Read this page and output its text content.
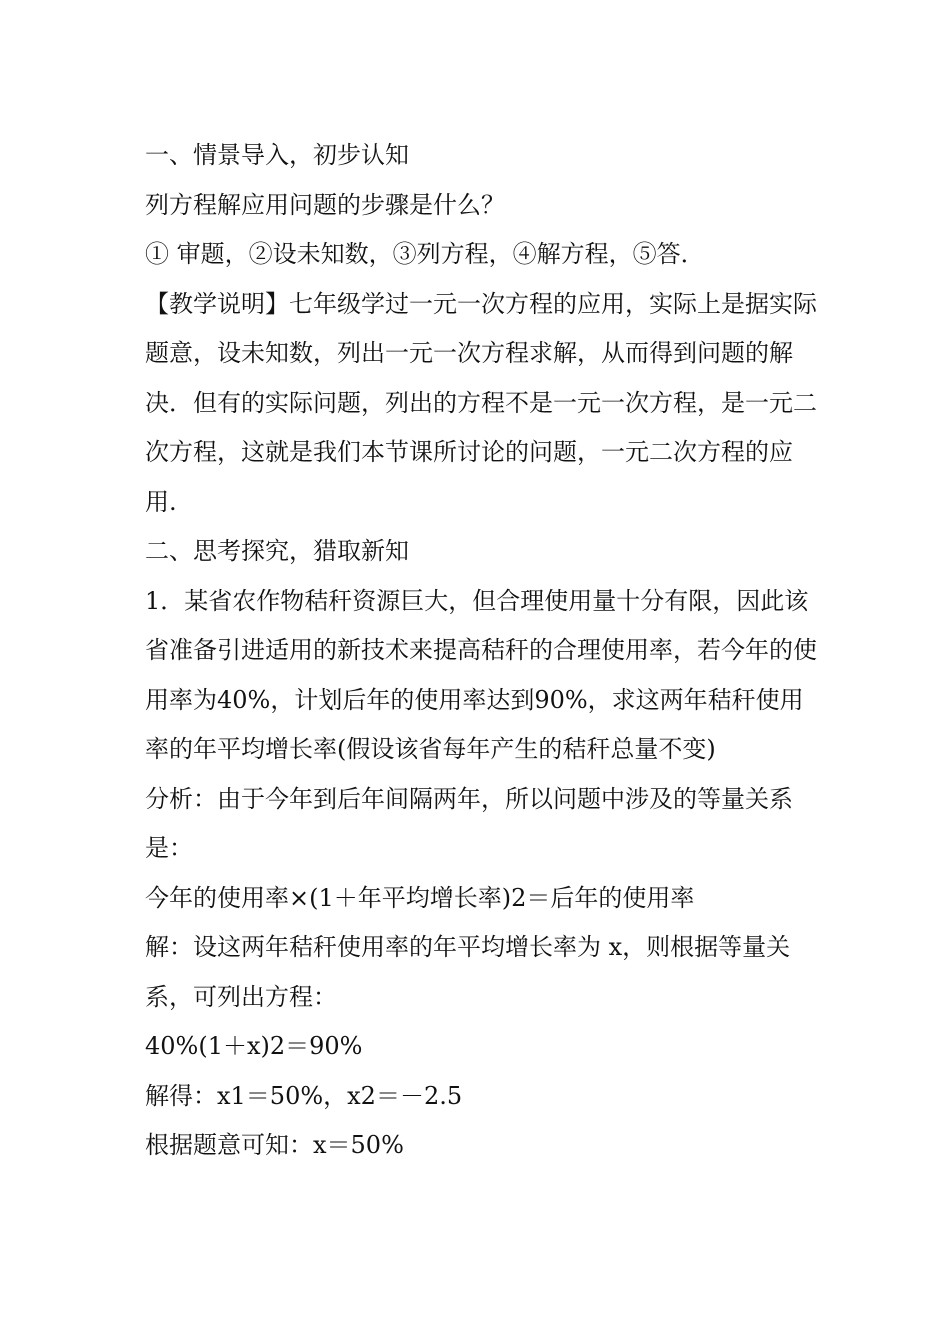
一、情景导入，初步认知

列方程解应用问题的步骤是什么？

① 审题，②设未知数，③列方程，④解方程，⑤答．

【教学说明】七年级学过一元一次方程的应用，实际上是据实际题意，设未知数，列出一元一次方程求解，从而得到问题的解决．但有的实际问题，列出的方程不是一元一次方程，是一元二次方程，这就是我们本节课所讨论的问题，一元二次方程的应用.

二、思考探究，猎取新知

1．某省农作物秸秆资源巨大，但合理使用量十分有限，因此该省准备引进适用的新技术来提高秸秆的合理使用率，若今年的使用率为40%，计划后年的使用率达到90%，求这两年秸秆使用率的年平均增长率(假设该省每年产生的秸秆总量不变)

分析：由于今年到后年间隔两年，所以问题中涉及的等量关系是：

今年的使用率×(1＋年平均增长率)2＝后年的使用率

解：设这两年秸秆使用率的年平均增长率为 x，则根据等量关系，可列出方程：

40%(1＋x)2＝90%

解得：x1＝50%，x2＝－2.5

根据题意可知：x＝50%
